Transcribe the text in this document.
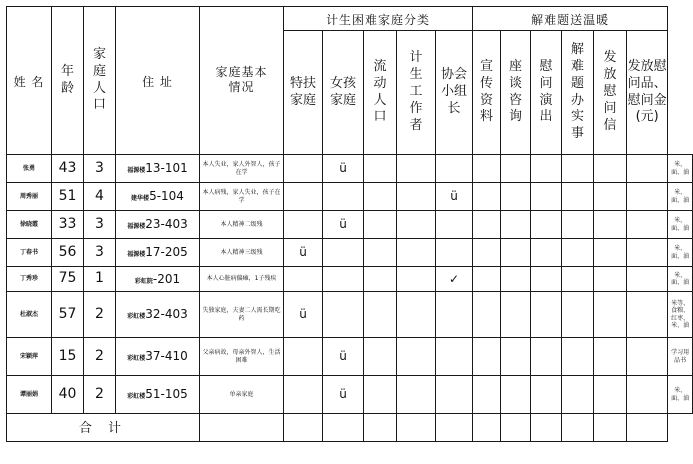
姓 名	年龄	家庭人口	住 址	家庭基本情况	计生困难家庭分类					解难题送温暖						
					特扶家庭	女孩家庭	流动人口	计生工作者	协会小组长	宣传资料	座谈咨询	慰问演出	解难题办实事	发放慰问信	发放慰问品、慰问金(元)	
张勇	43	3	福源楼13-101	本人失业，家人外智人，孩子在学		ü										米、面、油
周秀丽	51	4	建华楼5-104	本人病残，家人失业，孩子在学					ü							米、面、油
徐晓霞	33	3	福源楼23-403	本人精神二级残		ü										米、面、油
丁春书	56	3	福源楼17-205	本人精神三级残	ü											米、面、油
丁秀珍	75	1	彩虹院-201	本人心脏病偏瘫，1子残疾					✓							米、面、油
杜淑杰	57	2	彩虹楼32-403	失独家庭，夫妻二人需长期吃药	ü											米等、食粮、红枣、米、油
宋颖萍	15	2	彩虹楼37-410	父亲病故，母亲外智人，生活困难		ü										学习用品书
谭丽娟	40	2	彩虹楼51-105	单亲家庭		ü										米、面、油
合 计																
